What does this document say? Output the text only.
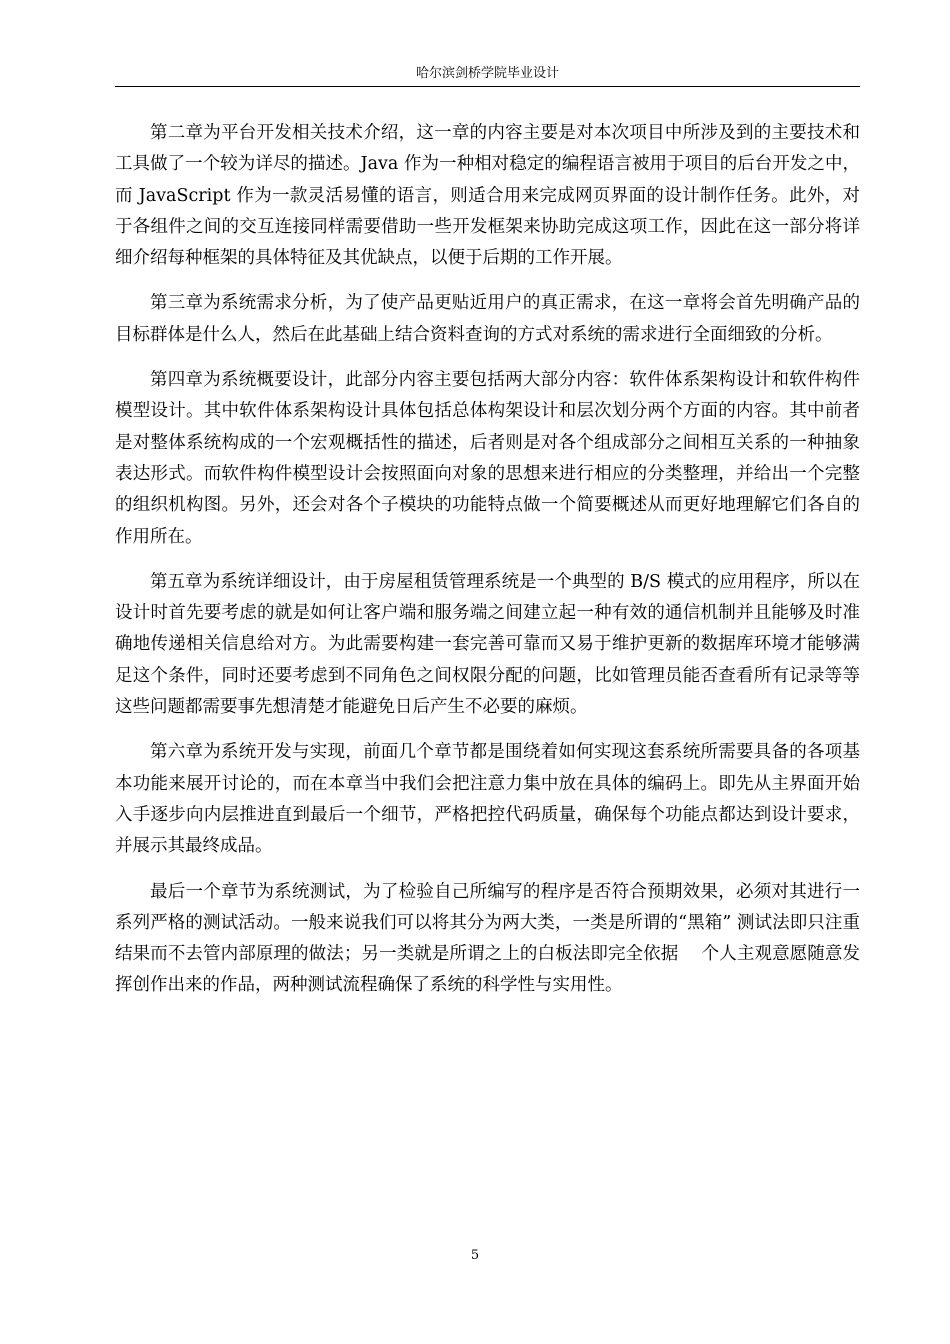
哈尔滨剑桥学院毕业设计

第二章为平台开发相关技术介绍，这一章的内容主要是对本次项目中所涉及到的主要技术和工具做了一个较为详尽的描述。Java 作为一种相对稳定的编程语言被用于项目的后台开发之中，而 JavaScript 作为一款灵活易懂的语言，则适合用来完成网页界面的设计制作任务。此外，对于各组件之间的交互连接同样需要借助一些开发框架来协助完成这项工作，因此在这一部分将详细介绍每种框架的具体特征及其优缺点，以便于后期的工作开展。

第三章为系统需求分析，为了使产品更贴近用户的真正需求，在这一章将会首先明确产品的目标群体是什么人，然后在此基础上结合资料查询的方式对系统的需求进行全面细致的分析。

第四章为系统概要设计，此部分内容主要包括两大部分内容：软件体系架构设计和软件构件模型设计。其中软件体系架构设计具体包括总体构架设计和层次划分两个方面的内容。其中前者是对整体系统构成的一个宏观概括性的描述，后者则是对各个组成部分之间相互关系的一种抽象表达形式。而软件构件模型设计会按照面向对象的思想来进行相应的分类整理，并给出一个完整的组织机构图。另外，还会对各个子模块的功能特点做一个简要概述从而更好地理解它们各自的作用所在。

第五章为系统详细设计，由于房屋租赁管理系统是一个典型的 B/S 模式的应用程序，所以在设计时首先要考虑的就是如何让客户端和服务端之间建立起一种有效的通信机制并且能够及时准确地传递相关信息给对方。为此需要构建一套完善可靠而又易于维护更新的数据库环境才能够满足这个条件，同时还要考虑到不同角色之间权限分配的问题，比如管理员能否查看所有记录等等这些问题都需要事先想清楚才能避免日后产生不必要的麻烦。

第六章为系统开发与实现，前面几个章节都是围绕着如何实现这套系统所需要具备的各项基本功能来展开讨论的，而在本章当中我们会把注意力集中放在具体的编码上。即先从主界面开始入手逐步向内层推进直到最后一个细节，严格把控代码质量，确保每个功能点都达到设计要求，并展示其最终成品。

最后一个章节为系统测试，为了检验自己所编写的程序是否符合预期效果，必须对其进行一系列严格的测试活动。一般来说我们可以将其分为两大类，一类是所谓的“黑箱” 测试法即只注重结果而不去管内部原理的做法；另一类就是所谓之上的白板法即完全依据　 个人主观意愿随意发挥创作出来的作品，两种测试流程确保了系统的科学性与实用性。

5
